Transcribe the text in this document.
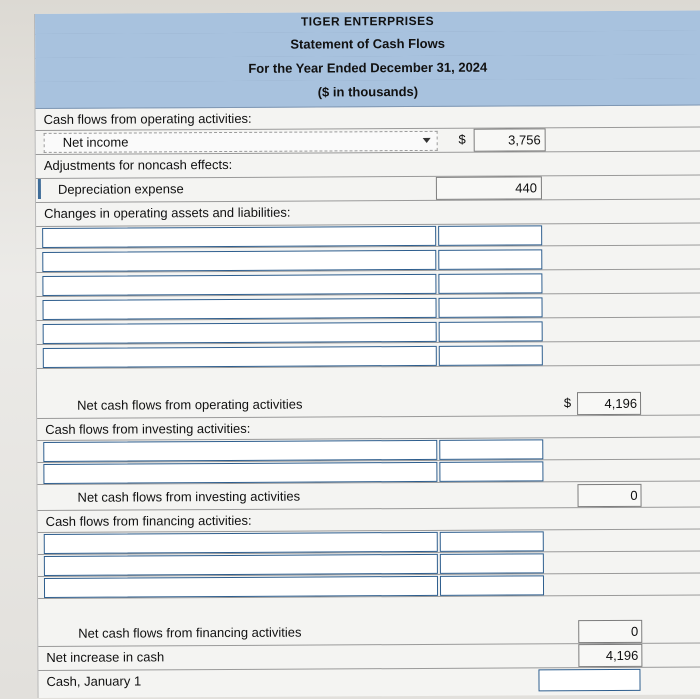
TIGER ENTERPRISES
Statement of Cash Flows
For the Year Ended December 31, 2024
($ in thousands)
Cash flows from operating activities:
Net income	$	3,756
Adjustments for noncash effects:
Depreciation expense	440
Changes in operating assets and liabilities:
Net cash flows from operating activities	$	4,196
Cash flows from investing activities:
Net cash flows from investing activities	0
Cash flows from financing activities:
Net cash flows from financing activities	0
Net increase in cash	4,196
Cash, January 1
